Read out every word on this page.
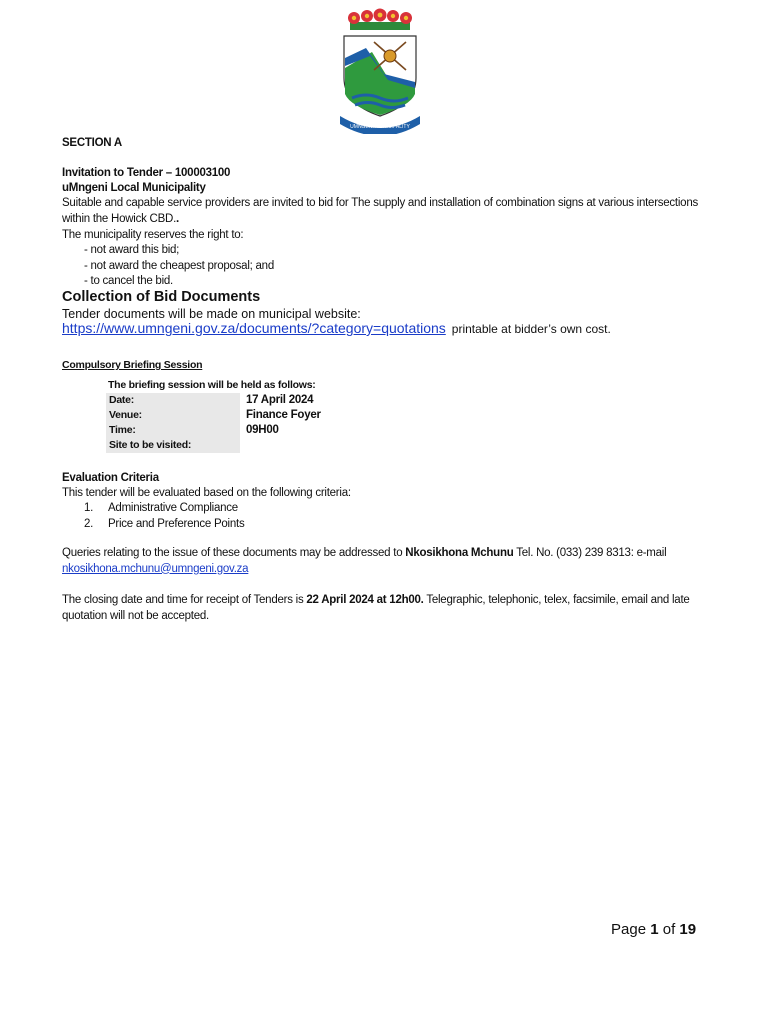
UMNGENI MUNICIPALITY
SECTION A
Invitation to Tender – 100003100
uMngeni Local Municipality
Suitable and capable service providers are invited to bid for The supply and installation of combination signs at various intersections within the Howick CBD..
The municipality reserves the right to:
- not award this bid;
- not award the cheapest proposal; and
- to cancel the bid.
Collection of Bid Documents
Tender documents will be made on municipal website:
https://www.umngeni.gov.za/documents/?category=quotations printable at bidder’s own cost.
Compulsory Briefing Session
The briefing session will be held as follows:
Date:	17 April 2024
Venue:	Finance Foyer
Time:	09H00
Site to be visited:	
Evaluation Criteria
This tender will be evaluated based on the following criteria:
1. Administrative Compliance
2. Price and Preference Points
Queries relating to the issue of these documents may be addressed to Nkosikhona Mchunu Tel. No. (033) 239 8313: e-mail nkosikhona.mchunu@umngeni.gov.za
The closing date and time for receipt of Tenders is 22 April 2024 at 12h00. Telegraphic, telephonic, telex, facsimile, email and late quotation will not be accepted.
Page 1 of 19
